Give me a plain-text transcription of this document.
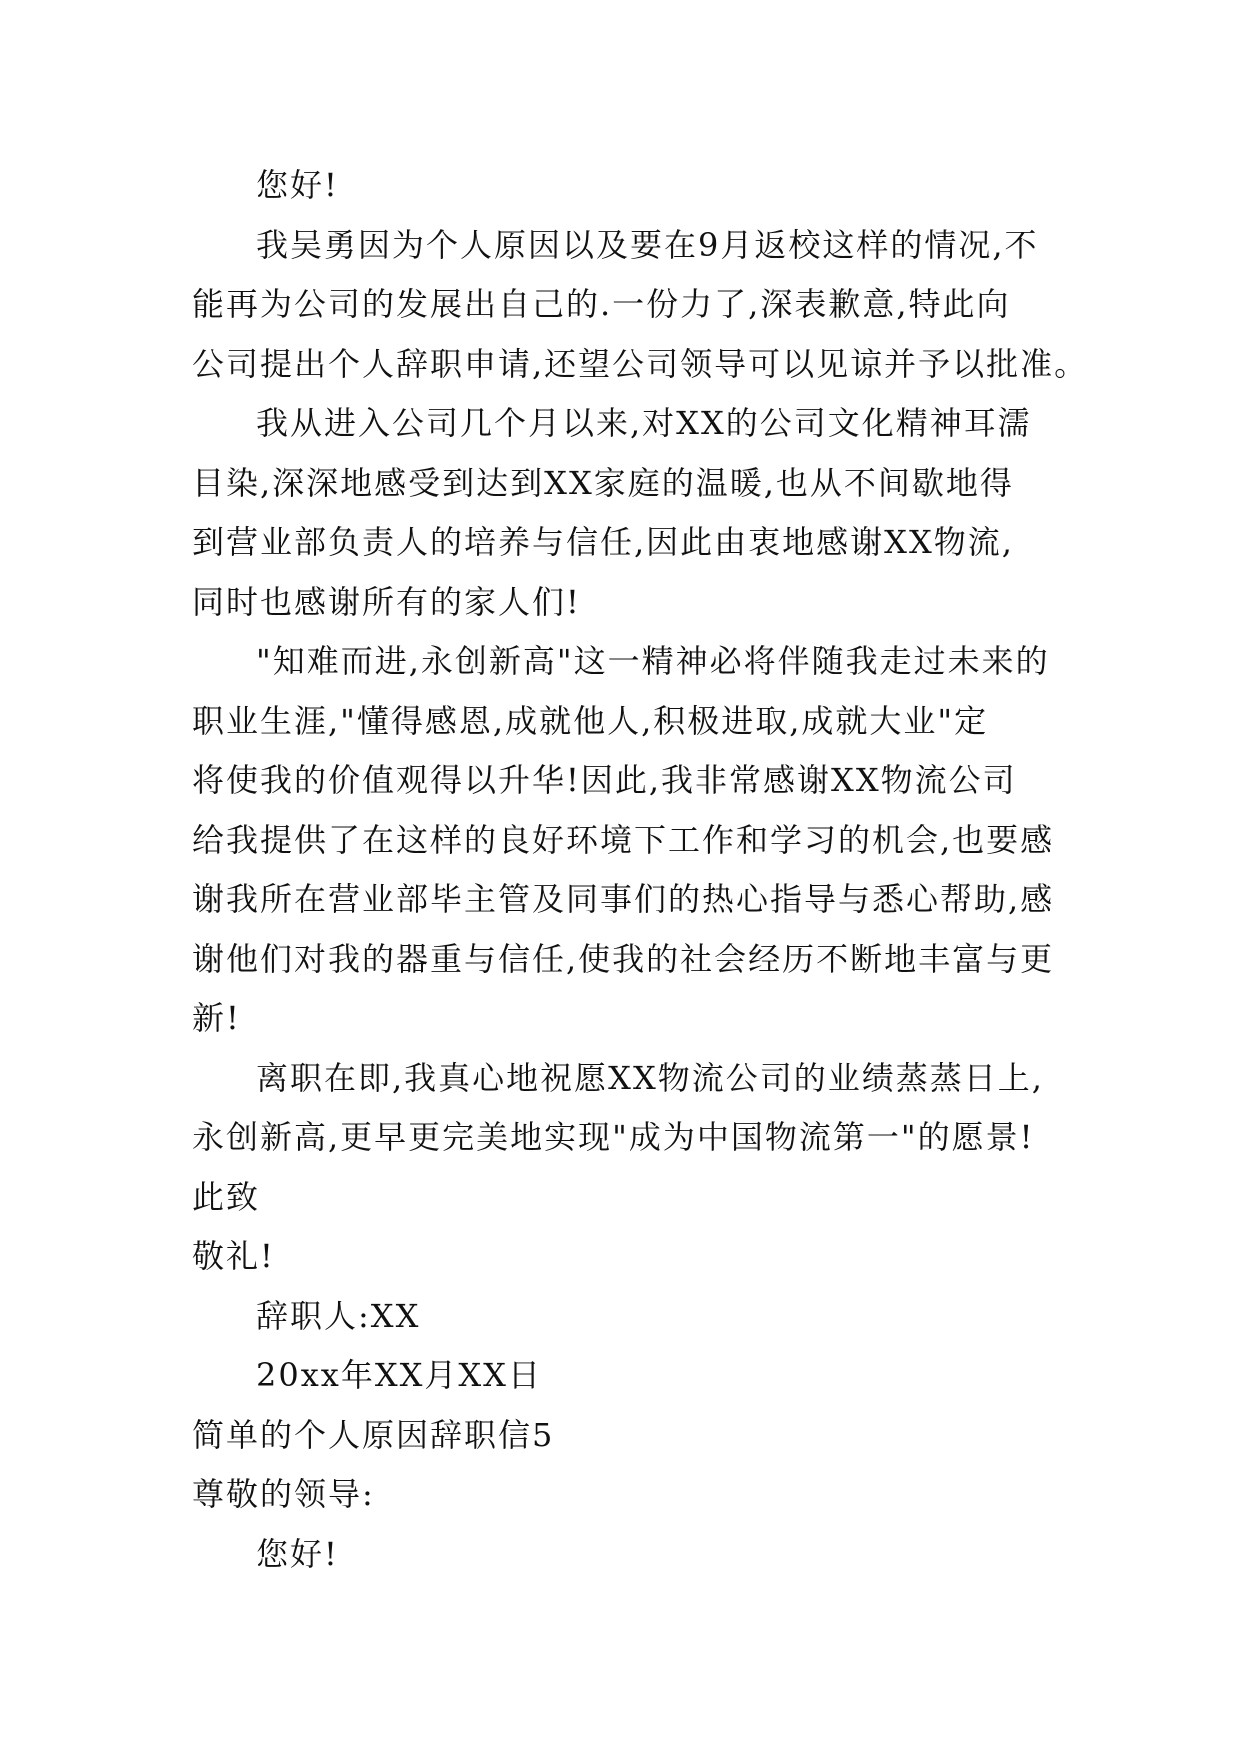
您好!
我吴勇因为个人原因以及要在9月返校这样的情况,不
能再为公司的发展出自己的.一份力了,深表歉意,特此向
公司提出个人辞职申请,还望公司领导可以见谅并予以批准。
我从进入公司几个月以来,对XX的公司文化精神耳濡
目染,深深地感受到达到XX家庭的温暖,也从不间歇地得
到营业部负责人的培养与信任,因此由衷地感谢XX物流,
同时也感谢所有的家人们!
"知难而进,永创新高"这一精神必将伴随我走过未来的
职业生涯,"懂得感恩,成就他人,积极进取,成就大业"定
将使我的价值观得以升华!因此,我非常感谢XX物流公司
给我提供了在这样的良好环境下工作和学习的机会,也要感
谢我所在营业部毕主管及同事们的热心指导与悉心帮助,感
谢他们对我的器重与信任,使我的社会经历不断地丰富与更
新!
离职在即,我真心地祝愿XX物流公司的业绩蒸蒸日上,
永创新高,更早更完美地实现"成为中国物流第一"的愿景!
此致
敬礼!
辞职人:XX
20xx年XX月XX日
简单的个人原因辞职信5
尊敬的领导:
您好!
